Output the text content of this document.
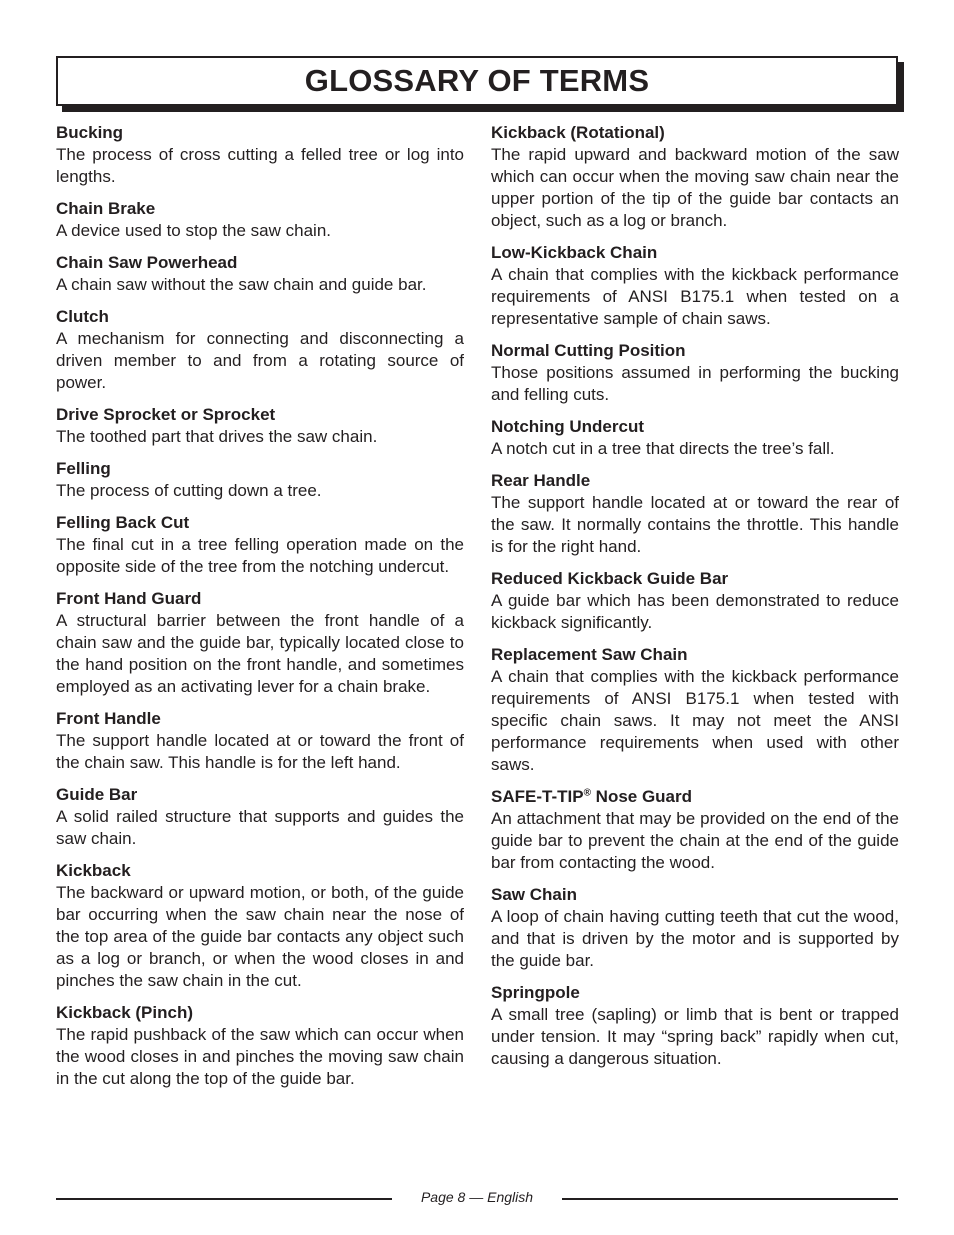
GLOSSARY OF TERMS
Bucking
The process of cross cutting a felled tree or log into lengths.
Chain Brake
A device used to stop the saw chain.
Chain Saw Powerhead
A chain saw without the saw chain and guide bar.
Clutch
A mechanism for connecting and disconnecting a driven member to and from a rotating source of power.
Drive Sprocket or Sprocket
The toothed part that drives the saw chain.
Felling
The process of cutting down a tree.
Felling Back Cut
The final cut in a tree felling operation made on the opposite side of the tree from the notching undercut.
Front Hand Guard
A structural barrier between the front handle of a chain saw and the guide bar, typically located close to the hand position on the front handle, and sometimes employed as an activating lever for a chain brake.
Front Handle
The support handle located at or toward the front of the chain saw. This handle is for the left hand.
Guide Bar
A solid railed structure that supports and guides the saw chain.
Kickback
The backward or upward motion, or both, of the guide bar occurring when the saw chain near the nose of the top area of the guide bar contacts any object such as a log or branch, or when the wood closes in and pinches the saw chain in the cut.
Kickback (Pinch)
The rapid pushback of the saw which can occur when the wood closes in and pinches the moving saw chain in the cut along the top of the guide bar.
Kickback (Rotational)
The rapid upward and backward motion of the saw which can occur when the moving saw chain near the upper portion of the tip of the guide bar contacts an object, such as a log or branch.
Low-Kickback Chain
A chain that complies with the kickback performance requirements of ANSI B175.1 when tested on a representative sample of chain saws.
Normal Cutting Position
Those positions assumed in performing the bucking and felling cuts.
Notching Undercut
A notch cut in a tree that directs the tree’s fall.
Rear Handle
The support handle located at or toward the rear of the saw. It normally contains the throttle. This handle is for the right hand.
Reduced Kickback Guide Bar
A guide bar which has been demonstrated to reduce kickback significantly.
Replacement Saw Chain
A chain that complies with the kickback performance requirements of ANSI B175.1 when tested with specific chain saws. It may not meet the ANSI performance requirements when used with other saws.
SAFE-T-TIP® Nose Guard
An attachment that may be provided on the end of the guide bar to prevent the chain at the end of the guide bar from contacting the wood.
Saw Chain
A loop of chain having cutting teeth that cut the wood, and that is driven by the motor and is supported by the guide bar.
Springpole
A small tree (sapling) or limb that is bent or trapped under tension. It may “spring back” rapidly when cut, causing a dangerous situation.
Page 8 — English
